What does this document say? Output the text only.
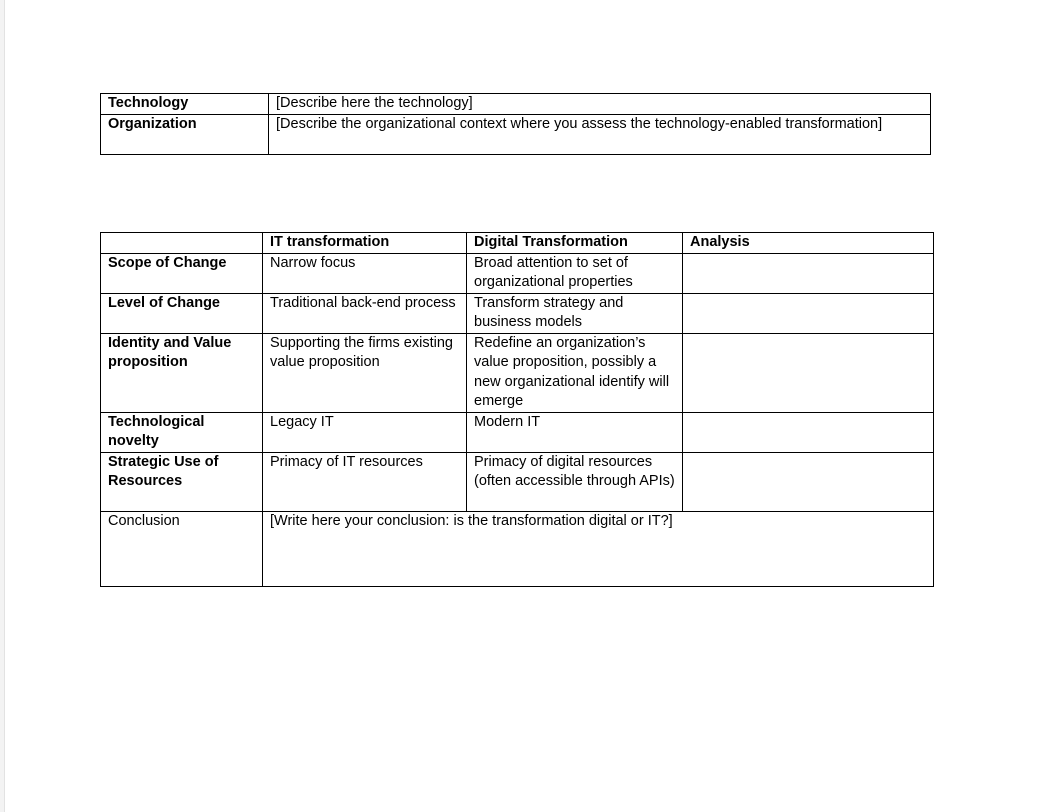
Technology	[Describe here the technology]
Organization	[Describe the organizational context where you assess the technology-enabled transformation]
	IT transformation	Digital Transformation	Analysis
Scope of Change	Narrow focus	Broad attention to set of organizational properties	
Level of Change	Traditional back-end process	Transform strategy and business models	
Identity and Value proposition	Supporting the firms existing value proposition	Redefine an organization’s value proposition, possibly a new organizational identify will emerge	
Technological novelty	Legacy IT	Modern IT	
Strategic Use of Resources	Primacy of IT resources	Primacy of digital resources (often accessible through APIs)	
Conclusion	[Write here your conclusion: is the transformation digital or IT?]		
